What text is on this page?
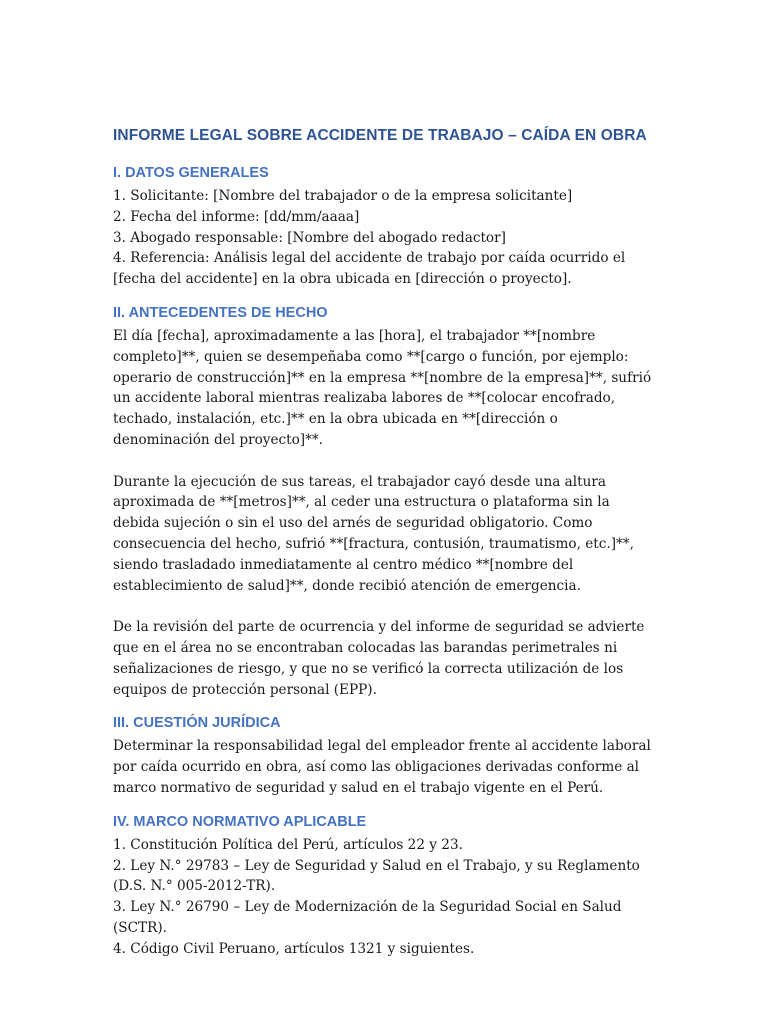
INFORME LEGAL SOBRE ACCIDENTE DE TRABAJO – CAÍDA EN OBRA
I. DATOS GENERALES

1. Solicitante: [Nombre del trabajador o de la empresa solicitante]

2. Fecha del informe: [dd/mm/aaaa]

3. Abogado responsable: [Nombre del abogado redactor]

4. Referencia: Análisis legal del accidente de trabajo por caída ocurrido el [fecha del accidente] en la obra ubicada en [dirección o proyecto].

II. ANTECEDENTES DE HECHO

El día [fecha], aproximadamente a las [hora], el trabajador **[nombre completo]**, quien se desempeñaba como **[cargo o función, por ejemplo: operario de construcción]** en la empresa **[nombre de la empresa]**, sufrió un accidente laboral mientras realizaba labores de **[colocar encofrado, techado, instalación, etc.]** en la obra ubicada en **[dirección o denominación del proyecto]**.

Durante la ejecución de sus tareas, el trabajador cayó desde una altura aproximada de **[metros]**, al ceder una estructura o plataforma sin la debida sujeción o sin el uso del arnés de seguridad obligatorio. Como consecuencia del hecho, sufrió **[fractura, contusión, traumatismo, etc.]**, siendo trasladado inmediatamente al centro médico **[nombre del establecimiento de salud]**, donde recibió atención de emergencia.

De la revisión del parte de ocurrencia y del informe de seguridad se advierte que en el área no se encontraban colocadas las barandas perimetrales ni señalizaciones de riesgo, y que no se verificó la correcta utilización de los equipos de protección personal (EPP).

III. CUESTIÓN JURÍDICA

Determinar la responsabilidad legal del empleador frente al accidente laboral por caída ocurrido en obra, así como las obligaciones derivadas conforme al marco normativo de seguridad y salud en el trabajo vigente en el Perú.

IV. MARCO NORMATIVO APLICABLE

1. Constitución Política del Perú, artículos 22 y 23.

2. Ley N.° 29783 – Ley de Seguridad y Salud en el Trabajo, y su Reglamento (D.S. N.° 005-2012-TR).

3. Ley N.° 26790 – Ley de Modernización de la Seguridad Social en Salud (SCTR).

4. Código Civil Peruano, artículos 1321 y siguientes.
